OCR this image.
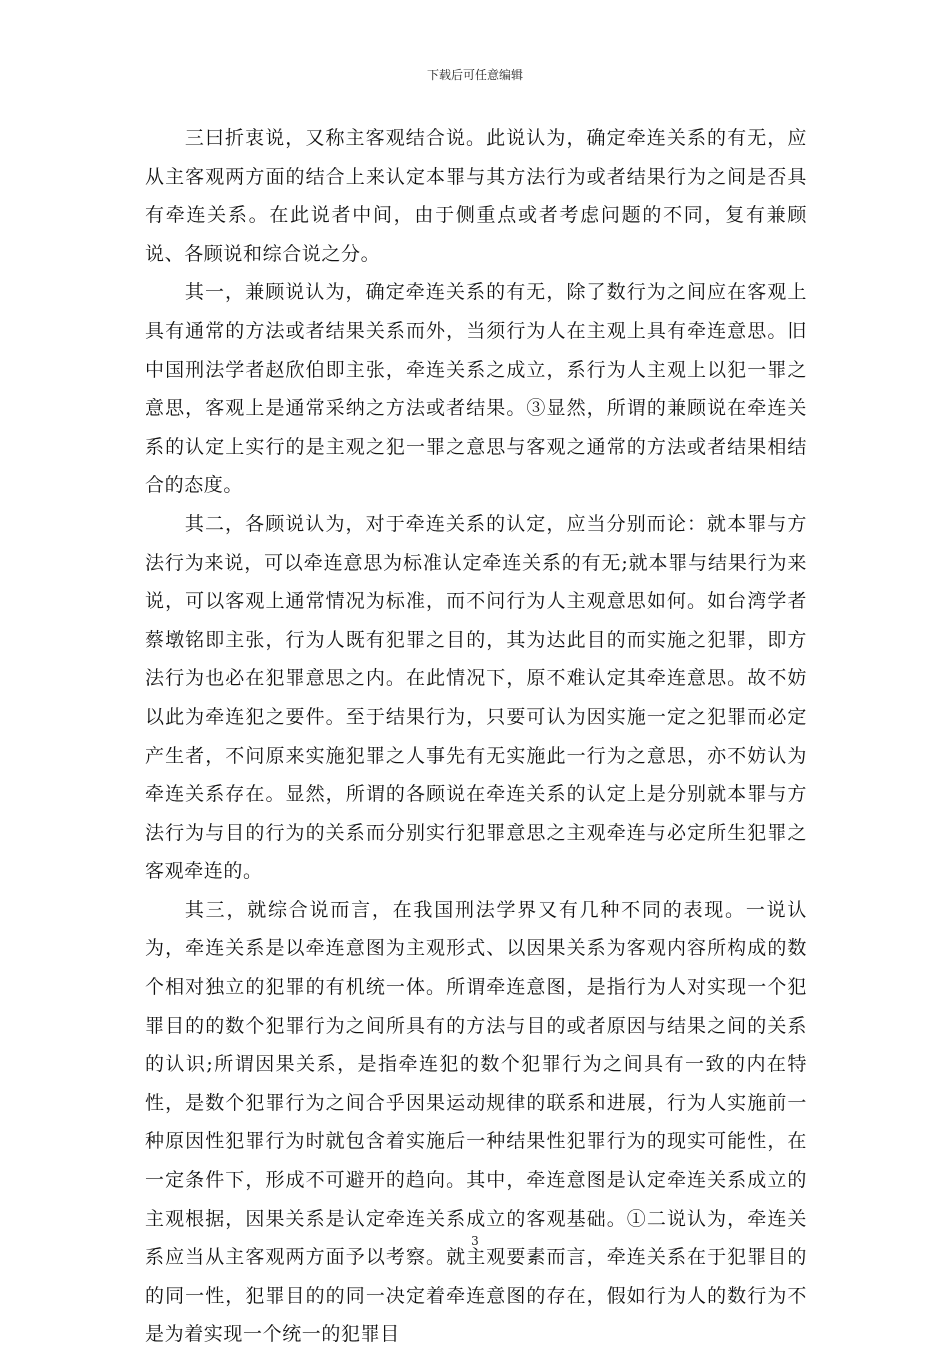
下载后可任意编辑

三曰折衷说，又称主客观结合说。此说认为，确定牵连关系的有无，应从主客观两方面的结合上来认定本罪与其方法行为或者结果行为之间是否具有牵连关系。在此说者中间，由于侧重点或者考虑问题的不同，复有兼顾说、各顾说和综合说之分。

其一，兼顾说认为，确定牵连关系的有无，除了数行为之间应在客观上具有通常的方法或者结果关系而外，当须行为人在主观上具有牵连意思。旧中国刑法学者赵欣伯即主张，牵连关系之成立，系行为人主观上以犯一罪之意思，客观上是通常采纳之方法或者结果。③显然，所谓的兼顾说在牵连关系的认定上实行的是主观之犯一罪之意思与客观之通常的方法或者结果相结合的态度。

其二，各顾说认为，对于牵连关系的认定，应当分别而论：就本罪与方法行为来说，可以牵连意思为标准认定牵连关系的有无;就本罪与结果行为来说，可以客观上通常情况为标准，而不问行为人主观意思如何。如台湾学者蔡墩铭即主张，行为人既有犯罪之目的，其为达此目的而实施之犯罪，即方法行为也必在犯罪意思之内。在此情况下，原不难认定其牵连意思。故不妨以此为牵连犯之要件。至于结果行为，只要可认为因实施一定之犯罪而必定产生者，不问原来实施犯罪之人事先有无实施此一行为之意思，亦不妨认为牵连关系存在。显然，所谓的各顾说在牵连关系的认定上是分别就本罪与方法行为与目的行为的关系而分别实行犯罪意思之主观牵连与必定所生犯罪之客观牵连的。

其三，就综合说而言，在我国刑法学界又有几种不同的表现。一说认为，牵连关系是以牵连意图为主观形式、以因果关系为客观内容所构成的数个相对独立的犯罪的有机统一体。所谓牵连意图，是指行为人对实现一个犯罪目的的数个犯罪行为之间所具有的方法与目的或者原因与结果之间的关系的认识;所谓因果关系，是指牵连犯的数个犯罪行为之间具有一致的内在特性，是数个犯罪行为之间合乎因果运动规律的联系和进展，行为人实施前一种原因性犯罪行为时就包含着实施后一种结果性犯罪行为的现实可能性，在一定条件下，形成不可避开的趋向。其中，牵连意图是认定牵连关系成立的主观根据，因果关系是认定牵连关系成立的客观基础。①二说认为，牵连关系应当从主客观两方面予以考察。就主观要素而言，牵连关系在于犯罪目的的同一性，犯罪目的的同一决定着牵连意图的存在，假如行为人的数行为不是为着实现一个统一的犯罪目

3
